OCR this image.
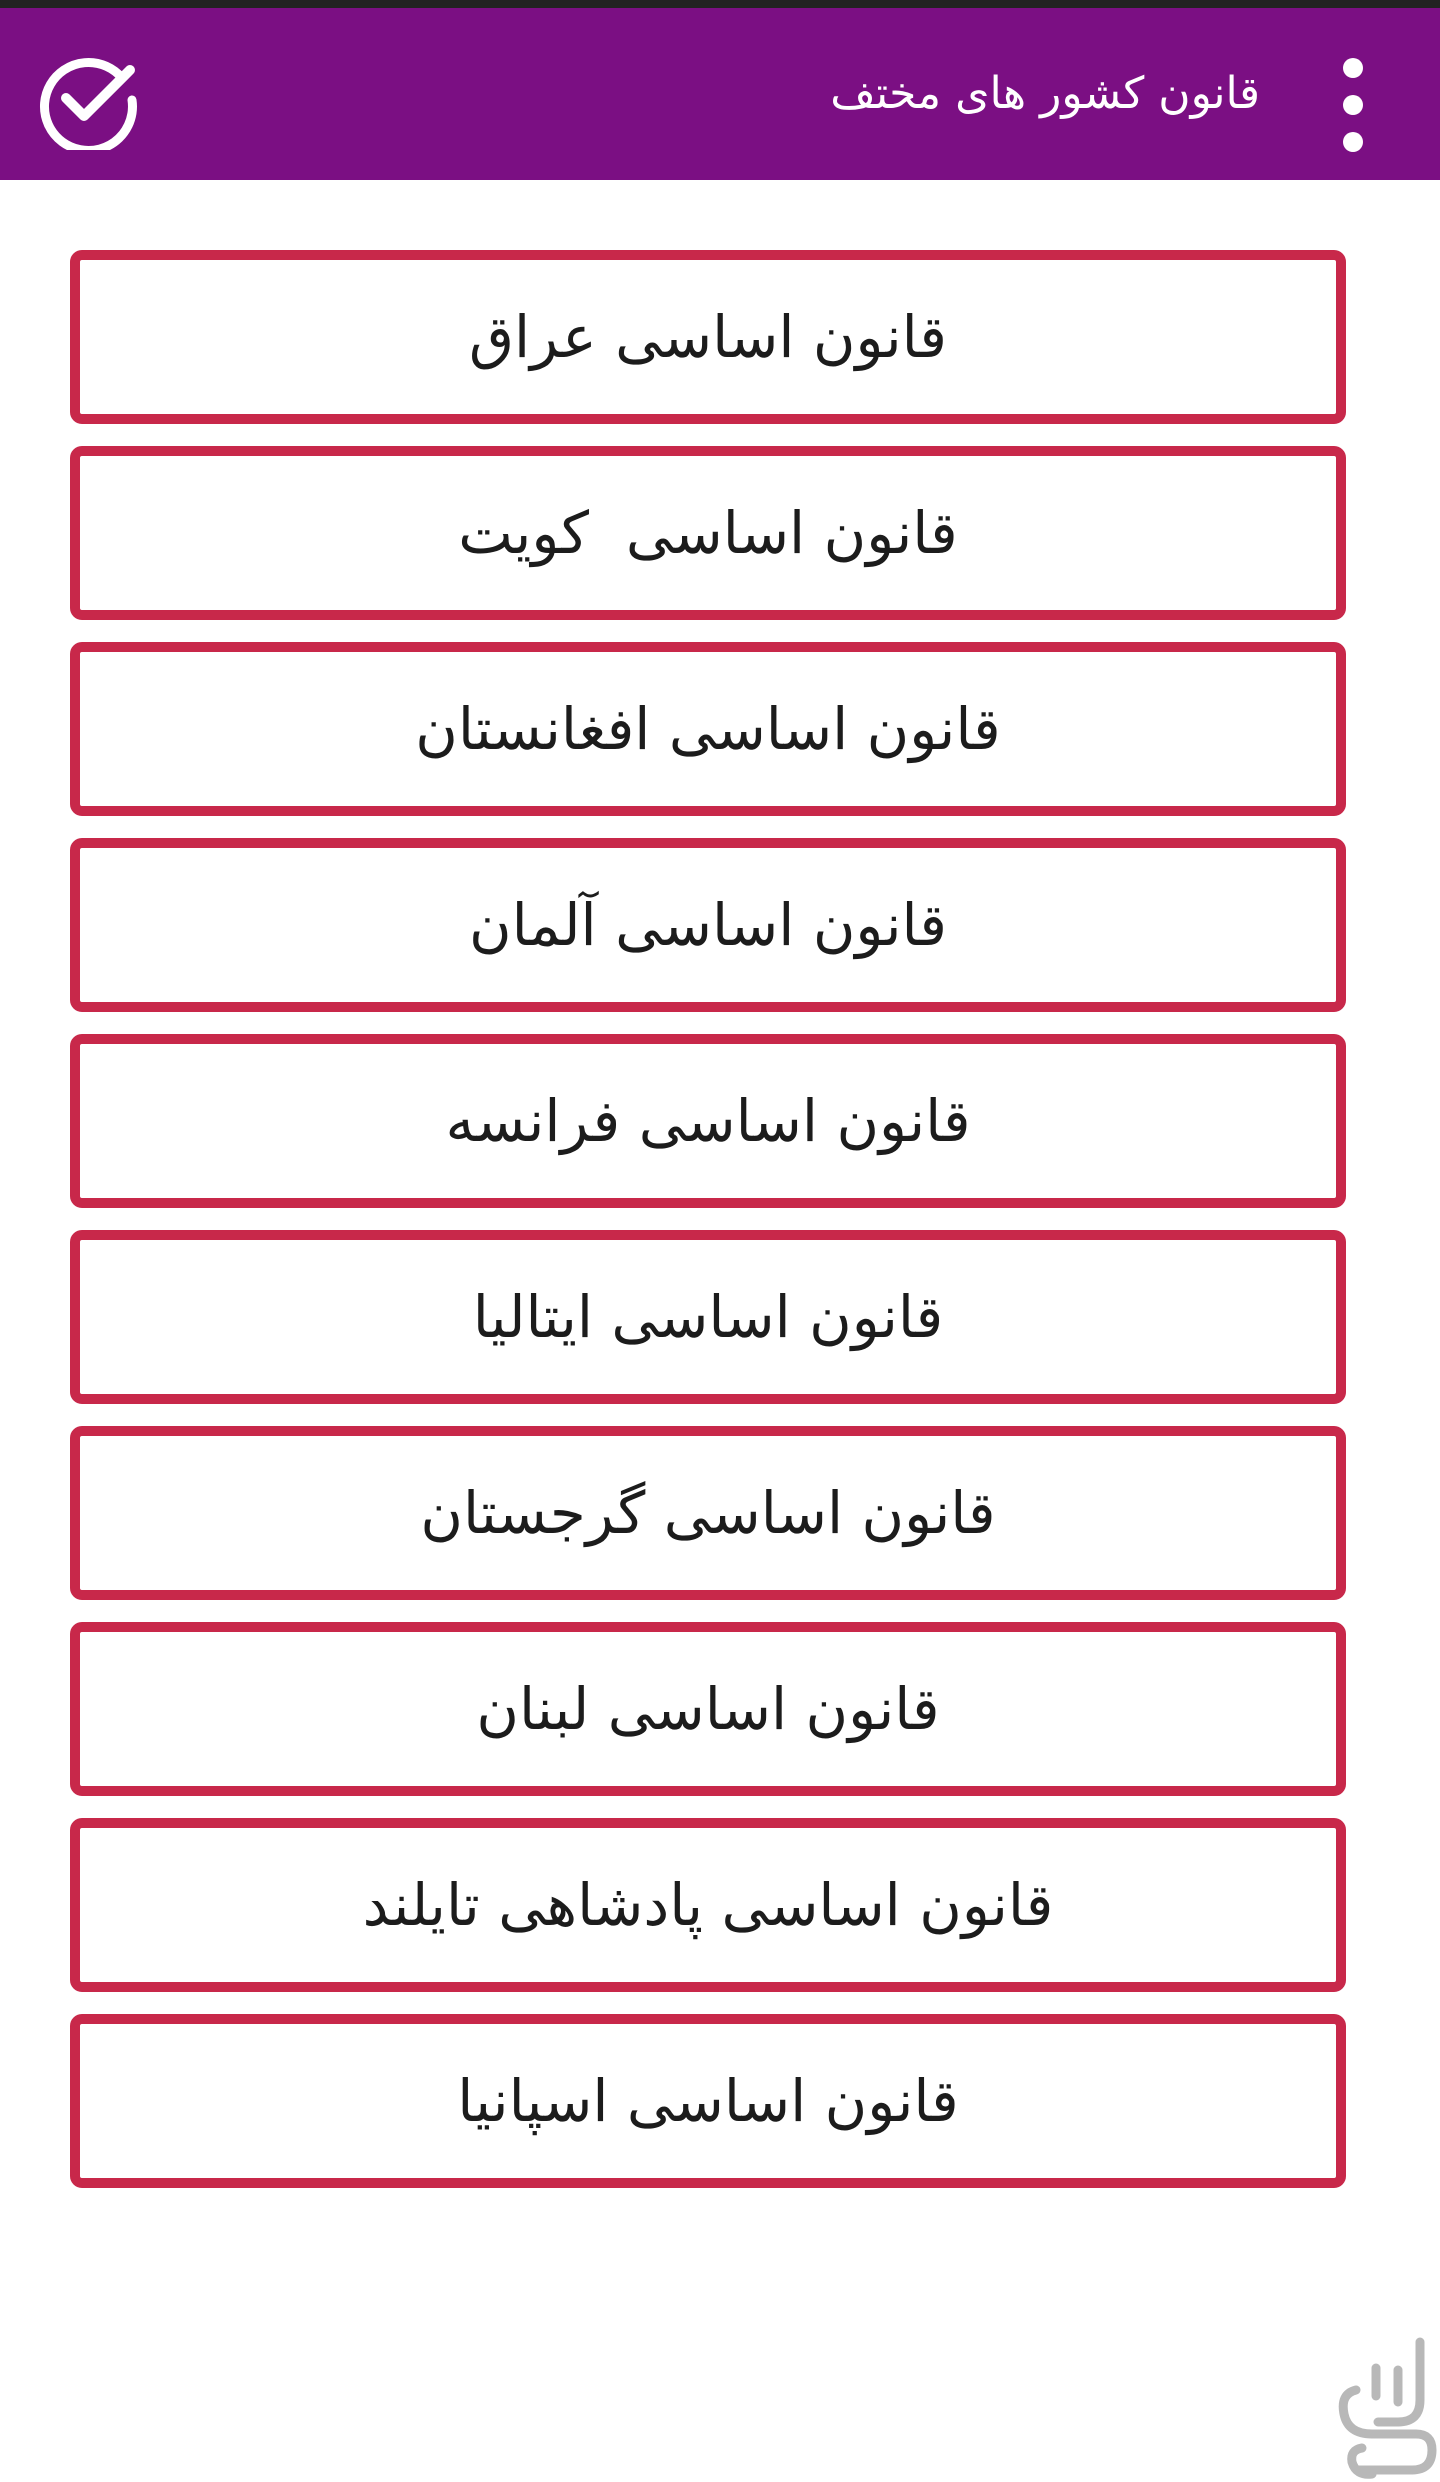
قانون کشور های مختف
قانون اساسی عراق
قانون اساسی  کویت
قانون اساسی افغانستان
قانون اساسی آلمان
قانون اساسی فرانسه
قانون اساسی ایتالیا
قانون اساسی گرجستان
قانون اساسی لبنان
قانون اساسی پادشاهی تایلند
قانون اساسی اسپانیا
